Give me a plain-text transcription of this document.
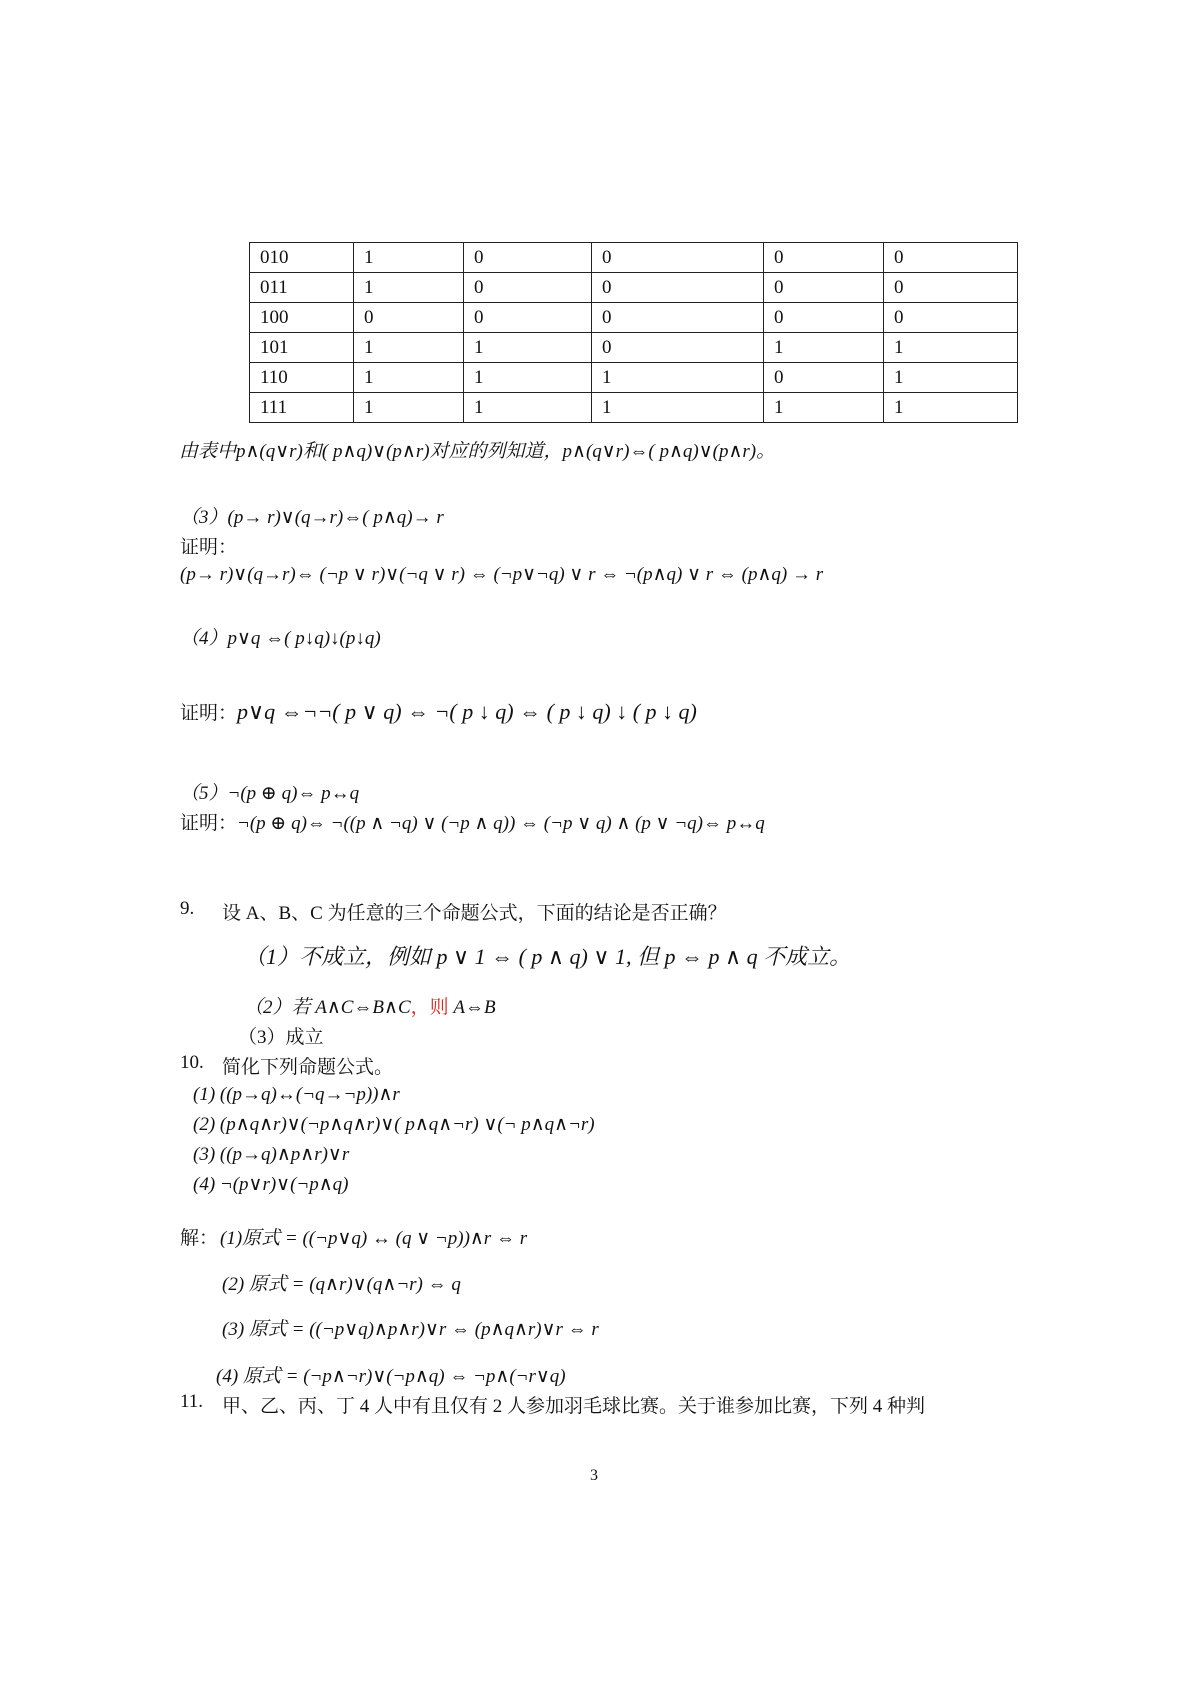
010	1	0	0	0	0
011	1	0	0	0	0
100	0	0	0	0	0
101	1	1	0	1	1
110	1	1	1	0	1
111	1	1	1	1	1
由表中p∧(q∨r)和( p∧q)∨(p∧r)对应的列知道，p∧(q∨r)⇔( p∧q)∨(p∧r)。
（3）(p→ r)∨(q→r)⇔( p∧q)→ r
证明：
(p→ r)∨(q→r)⇔ (¬p ∨ r)∨(¬q ∨ r) ⇔ (¬p∨¬q) ∨ r ⇔ ¬(p∧q) ∨ r ⇔ (p∧q) → r
（4）p∨q ⇔( p↓q)↓(p↓q)
证明：p∨q ⇔¬¬( p ∨ q) ⇔ ¬( p ↓ q) ⇔ ( p ↓ q) ↓ ( p ↓ q)
（5）¬(p ⊕ q)⇔ p↔q
证明：¬(p ⊕ q)⇔ ¬((p ∧ ¬q) ∨ (¬p ∧ q)) ⇔ (¬p ∨ q) ∧ (p ∨ ¬q)⇔ p↔q
9. 设 A、B、C 为任意的三个命题公式，下面的结论是否正确？
（1）不成立，例如 p ∨ 1 ⇔ ( p ∧ q) ∨ 1, 但 p ⇔ p ∧ q 不成立。
（2）若 A∧C⇔B∧C，则 A⇔B
（3）成立
10. 简化下列命题公式。
(1) ((p→q)↔(¬q→¬p))∧r
(2) (p∧q∧r)∨(¬p∧q∧r)∨( p∧q∧¬r) ∨(¬ p∧q∧¬r)
(3) ((p→q)∧p∧r)∨r
(4) ¬(p∨r)∨(¬p∧q)
解： (1)原式 = ((¬p∨q) ↔ (q ∨ ¬p))∧r ⇔ r
(2) 原式 = (q∧r)∨(q∧¬r) ⇔ q
(3) 原式 = ((¬p∨q)∧p∧r)∨r ⇔ (p∧q∧r)∨r ⇔ r
(4) 原式 = (¬p∧¬r)∨(¬p∧q) ⇔ ¬p∧(¬r∨q)
11. 甲、乙、丙、丁 4 人中有且仅有 2 人参加羽毛球比赛。关于谁参加比赛，下列 4 种判
3
